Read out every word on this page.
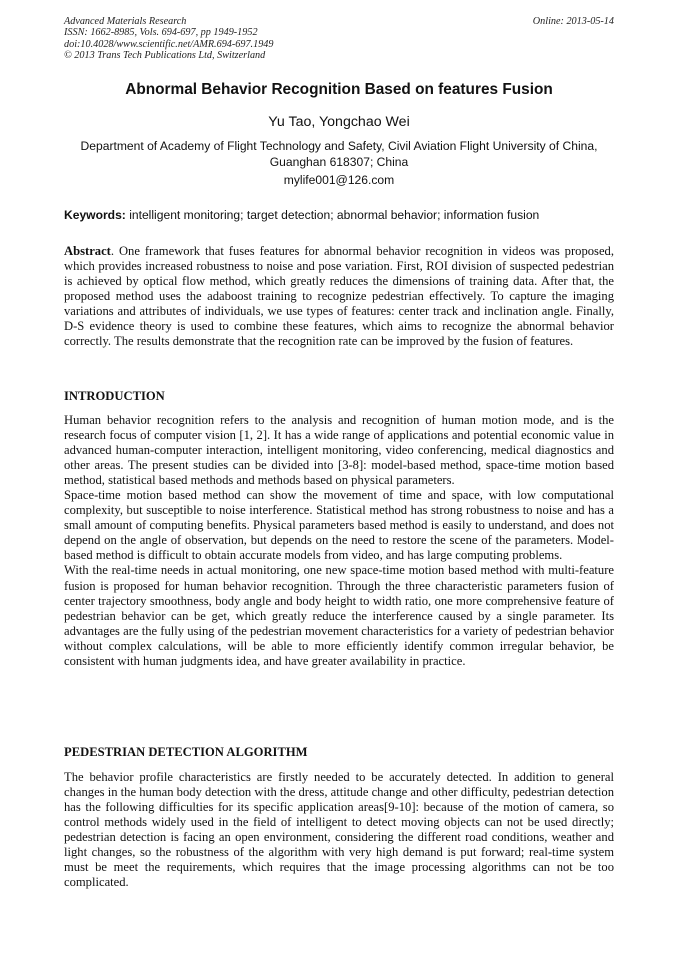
Advanced Materials Research
ISSN: 1662-8985, Vols. 694-697, pp 1949-1952
doi:10.4028/www.scientific.net/AMR.694-697.1949
© 2013 Trans Tech Publications Ltd, Switzerland
Online: 2013-05-14
Abnormal Behavior Recognition Based on features Fusion
Yu Tao, Yongchao Wei
Department of Academy of Flight Technology and Safety, Civil Aviation Flight University of China,
Guanghan 618307; China
mylife001@126.com
Keywords: intelligent monitoring; target detection; abnormal behavior; information fusion
Abstract. One framework that fuses features for abnormal behavior recognition in videos was proposed, which provides increased robustness to noise and pose variation. First, ROI division of suspected pedestrian is achieved by optical flow method, which greatly reduces the dimensions of training data. After that, the proposed method uses the adaboost training to recognize pedestrian effectively. To capture the imaging variations and attributes of individuals, we use types of features: center track and inclination angle. Finally, D-S evidence theory is used to combine these features, which aims to recognize the abnormal behavior correctly. The results demonstrate that the recognition rate can be improved by the fusion of features.
INTRODUCTION

Human behavior recognition refers to the analysis and recognition of human motion mode, and is the research focus of computer vision [1, 2]. It has a wide range of applications and potential economic value in advanced human-computer interaction, intelligent monitoring, video conferencing, medical diagnostics and other areas. The present studies can be divided into [3-8]: model-based method, space-time motion based method, statistical based methods and methods based on physical parameters.

Space-time motion based method can show the movement of time and space, with low computational complexity, but susceptible to noise interference. Statistical method has strong robustness to noise and has a small amount of computing benefits. Physical parameters based method is easily to understand, and does not depend on the angle of observation, but depends on the need to restore the scene of the parameters. Model-based method is difficult to obtain accurate models from video, and has large computing problems.

With the real-time needs in actual monitoring, one new space-time motion based method with multi-feature fusion is proposed for human behavior recognition. Through the three characteristic parameters fusion of center trajectory smoothness, body angle and body height to width ratio, one more comprehensive feature of pedestrian behavior can be get, which greatly reduce the interference caused by a single parameter. Its advantages are the fully using of the pedestrian movement characteristics for a variety of pedestrian behavior without complex calculations, will be able to more efficiently identify common irregular behavior, be consistent with human judgments idea, and have greater availability in practice.

PEDESTRIAN DETECTION ALGORITHM

The behavior profile characteristics are firstly needed to be accurately detected. In addition to general changes in the human body detection with the dress, attitude change and other difficulty, pedestrian detection has the following difficulties for its specific application areas[9-10]: because of the motion of camera, so control methods widely used in the field of intelligent to detect moving objects can not be used directly; pedestrian detection is facing an open environment, considering the different road conditions, weather and light changes, so the robustness of the algorithm with very high demand is put forward; real-time system must be meet the requirements, which requires that the image processing algorithms can not be too complicated.
